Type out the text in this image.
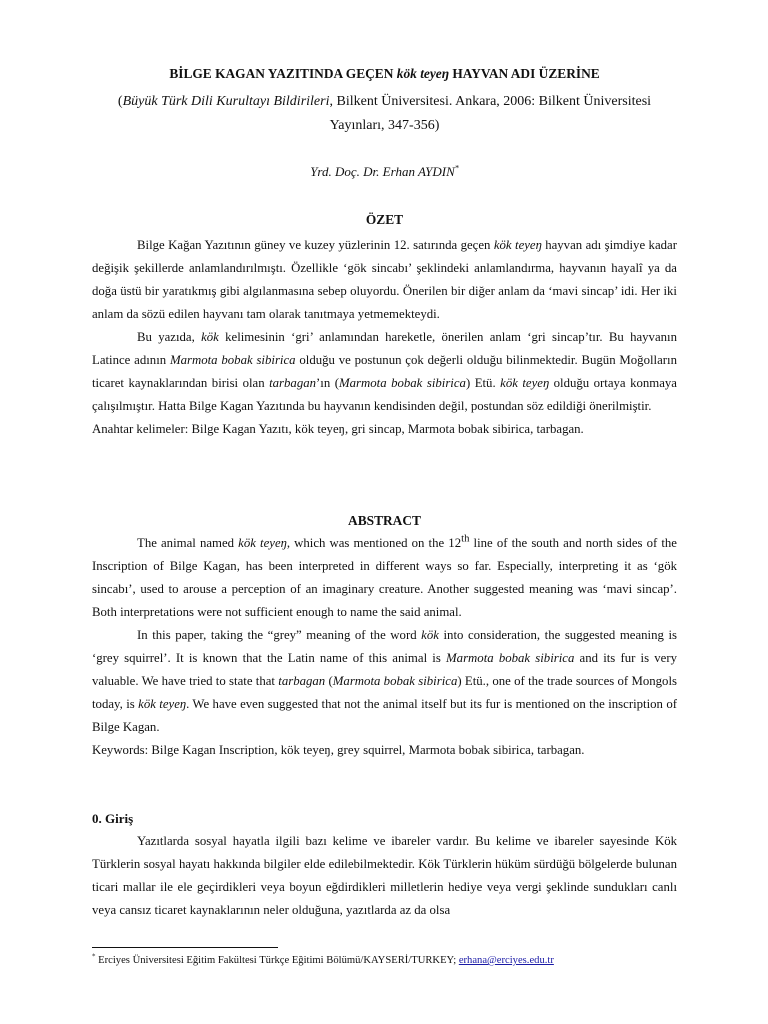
BİLGE KAGAN YAZITINDA GEÇEN kök teyeŋ HAYVAN ADI ÜZERİNE
(Büyük Türk Dili Kurultayı Bildirileri, Bilkent Üniversitesi. Ankara, 2006: Bilkent Üniversitesi Yayınları, 347-356)
Yrd. Doç. Dr. Erhan AYDIN*
ÖZET

Bilge Kağan Yazıtının güney ve kuzey yüzlerinin 12. satırında geçen kök teyeŋ hayvan adı şimdiye kadar değişik şekillerde anlamlandırılmıştı. Özellikle ‘gök sincabı’ şeklindeki anlamlandırma, hayvanın hayalî ya da doğa üstü bir yaratıkmış gibi algılanmasına sebep oluyordu. Önerilen bir diğer anlam da ‘mavi sincap’ idi. Her iki anlam da sözü edilen hayvanı tam olarak tanıtmaya yetmemekteydi.

Bu yazıda, kök kelimesinin ‘gri’ anlamından hareketle, önerilen anlam ‘gri sincap’tır. Bu hayvanın Latince adının Marmota bobak sibirica olduğu ve postunun çok değerli olduğu bilinmektedir. Bugün Moğolların ticaret kaynaklarından birisi olan tarbagan’ın (Marmota bobak sibirica) Etü. kök teyeŋ olduğu ortaya konmaya çalışılmıştır. Hatta Bilge Kagan Yazıtında bu hayvanın kendisinden değil, postundan söz edildiği önerilmiştir.

Anahtar kelimeler: Bilge Kagan Yazıtı, kök teyeŋ, gri sincap, Marmota bobak sibirica, tarbagan.

ABSTRACT

The animal named kök teyeŋ, which was mentioned on the 12th line of the south and north sides of the Inscription of Bilge Kagan, has been interpreted in different ways so far. Especially, interpreting it as ‘gök sincabı’, used to arouse a perception of an imaginary creature. Another suggested meaning was ‘mavi sincap’. Both interpretations were not sufficient enough to name the said animal.

In this paper, taking the “grey” meaning of the word kök into consideration, the suggested meaning is ‘grey squirrel’. It is known that the Latin name of this animal is Marmota bobak sibirica and its fur is very valuable. We have tried to state that tarbagan (Marmota bobak sibirica) Etü., one of the trade sources of Mongols today, is kök teyeŋ. We have even suggested that not the animal itself but its fur is mentioned on the inscription of Bilge Kagan.

Keywords: Bilge Kagan Inscription, kök teyeŋ, grey squirrel, Marmota bobak sibirica, tarbagan.

0. Giriş

Yazıtlarda sosyal hayatla ilgili bazı kelime ve ibareler vardır. Bu kelime ve ibareler sayesinde Kök Türklerin sosyal hayatı hakkında bilgiler elde edilebilmektedir. Kök Türklerin hüküm sürdüğü bölgelerde bulunan ticari mallar ile ele geçirdikleri veya boyun eğdirdikleri milletlerin hediye veya vergi şeklinde sundukları canlı veya cansız ticaret kaynaklarının neler olduğuna, yazıtlarda az da olsa

* Erciyes Üniversitesi Eğitim Fakültesi Türkçe Eğitimi Bölümü/KAYSERİ/TURKEY; erhana@erciyes.edu.tr
